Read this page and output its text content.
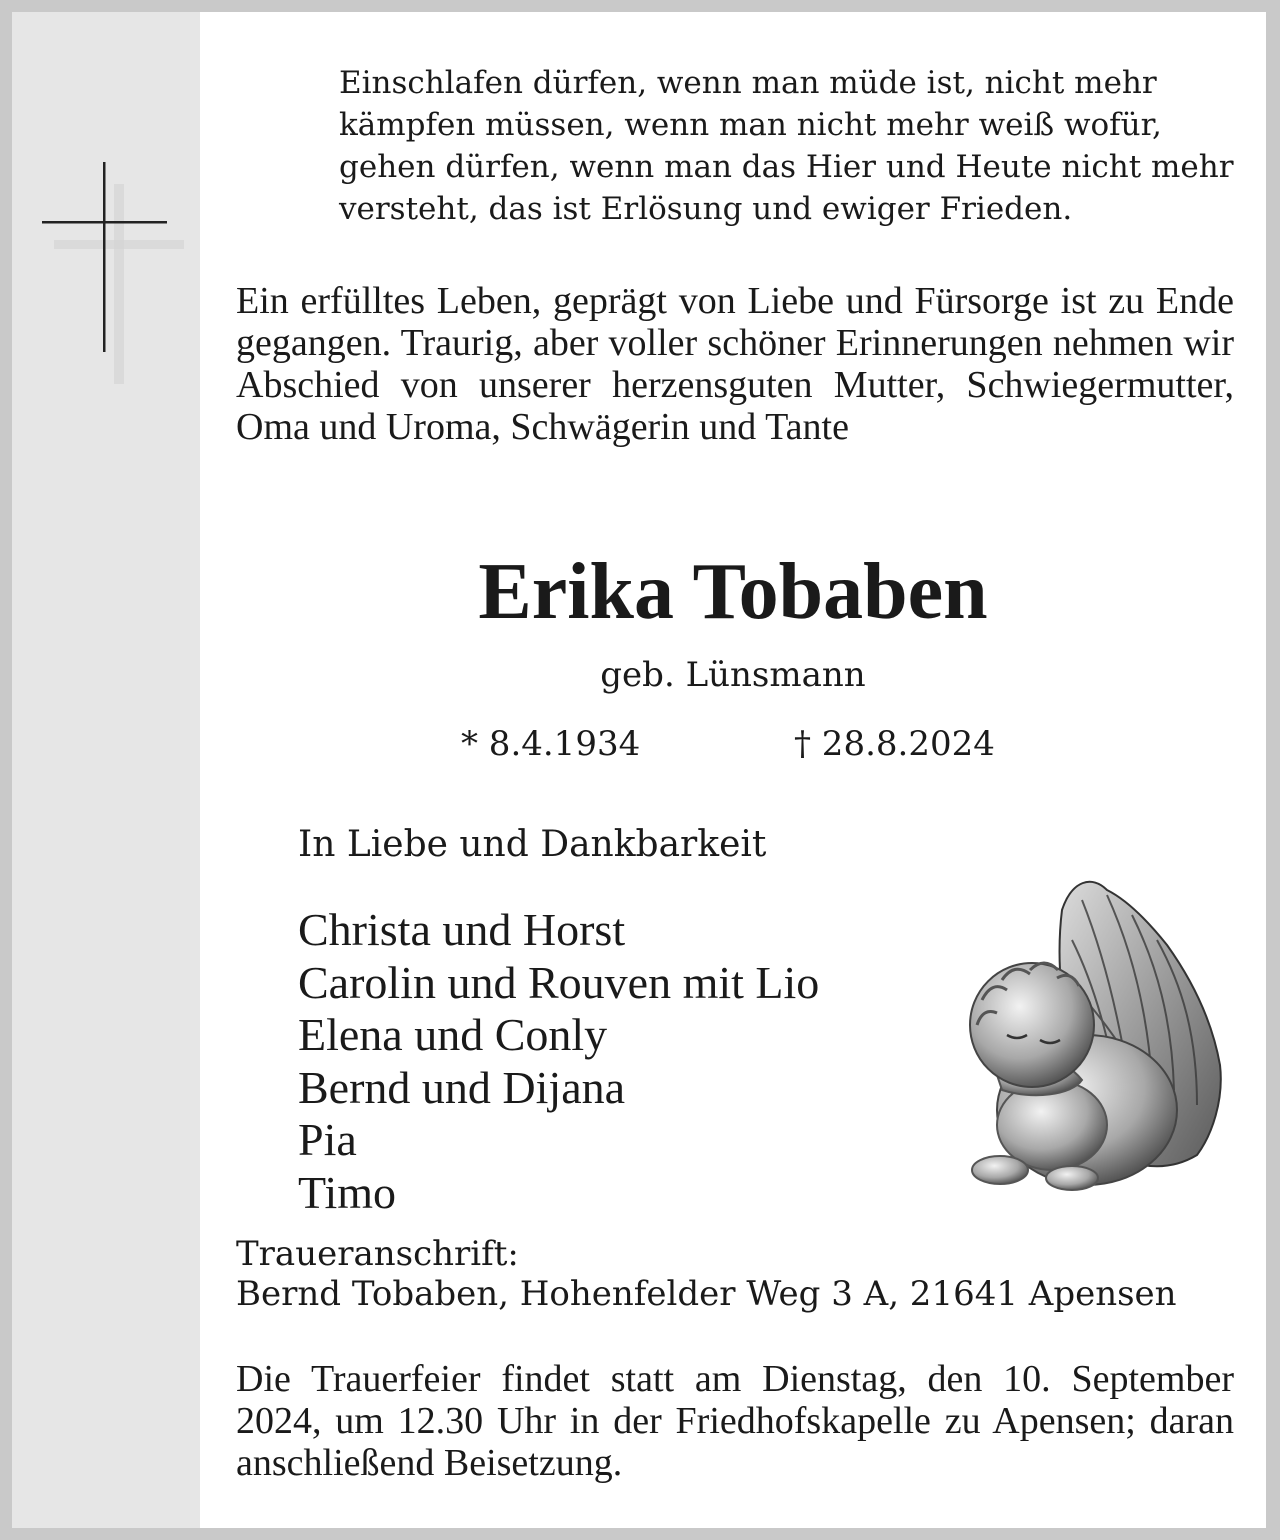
Einschlafen dürfen, wenn man müde ist, nicht mehr kämpfen müssen, wenn man nicht mehr weiß wofür, gehen dürfen, wenn man das Hier und Heute nicht mehr versteht, das ist Erlösung und ewiger Frieden.

Ein erfülltes Leben, geprägt von Liebe und Fürsorge ist zu Ende gegangen. Traurig, aber voller schöner Erinnerungen nehmen wir Abschied von unserer herzensguten Mutter, Schwiegermutter, Oma und Uroma, Schwägerin und Tante

Erika Tobaben
geb. Lünsmann
* 8.4.1934	† 28.8.2024
In Liebe und Dankbarkeit
Christa und Horst
Carolin und Rouven mit Lio
Elena und Conly
Bernd und Dijana
Pia
Timo
Traueranschrift:
Bernd Tobaben, Hohenfelder Weg 3 A, 21641 Apensen

Die Trauerfeier findet statt am Dienstag, den 10. September 2024, um 12.30 Uhr in der Friedhofskapelle zu Apensen; daran anschließend Beisetzung.
